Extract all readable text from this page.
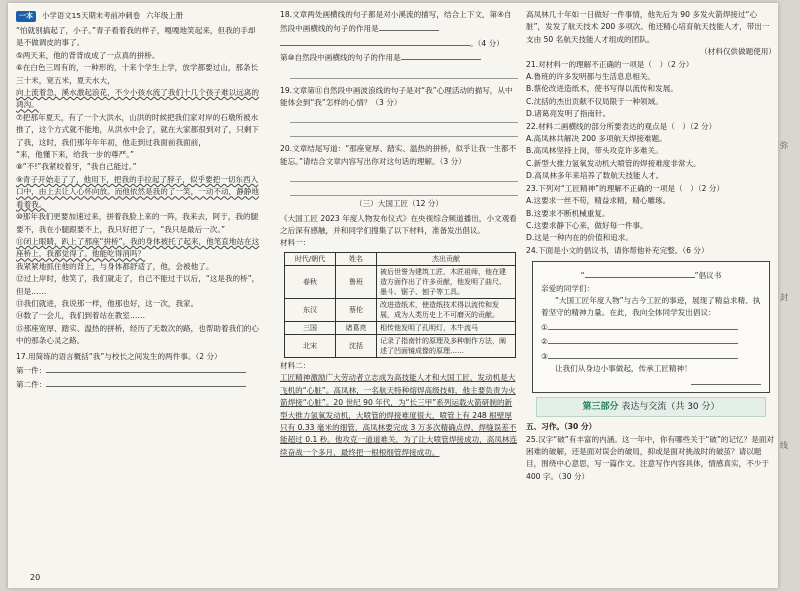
一本	小学语文15天期末考前冲刺卷 六年级上册

“怕就别搞起了，小子。”青子看着我的样子，嘎嘎地笑起来，但我的手却是不做调皮的事了。

⑤两天来，他的背背成成了一点真的拼桥。

⑥在白色三周有的，一种形的，十来个学生上学，放学都要过山，那条长三十米，宽五米，夏天水大，

向上流着急，溪水激起浪花，不少小孩水流了我们十几个孩子难以远离的鸿沟。

⑦把那年夏天，有了一个大洪水，山洪的时候把我们家对岸的石墩所被水推了，这个方式就不能地，从洪水中会了，就在大家都很到对了，只剩下了我，这时，我们那年年年初，他走到过我面前我面前，

“来，他懂下来，给我一步的尊严。”

⑧“不!”我紧咬着牙，“我自己能过。”

⑨青子开始走了了，他用下，把我的手拉起了脖子，似乎要把一切东西入口中，由上去让人心怀向放。而他依然是我的了一笑，一动不动，静静地看着我。

⑩那年我们更要加速过来，拼着我脸上来的一阵，我来去，阿于，我的腿要不，我在小腿跟要不上，我只好把了一，“我只是最后一次。”

⑪闭上眼睛，趴上了那座“拼桥”，我的身体被托了起来，他笔直地站在这座桥上，我都觉得了。他能吃得消吗？

我紧紧地抓住他的背上，与身体都舒适了，他，会被他了。

⑫过上岸时，他笑了，我们就走了，自己不能过于以后，“这是我的桥”，但是……

⑬我们就进，我说那一样，他那也好，这一次，我家。

⑭数了一会儿，我们到着站在教室……

⑮那座宽厚、踏实、温热的拼桥，经历了无数次的路，也帮助着我们的心中的那条心灵之路。

17.用简练的语言概括“我”与校长之间发生的两件事。（2 分）

第一件：

第二件：

20

18.文章两处画横线的句子都是对小溪流的描写，结合上下文，第④自然段中画横线的句子的作用是

。（4 分）

第⑩自然段中画横线的句子的作用是

19.文章第⑪自然段中画波浪线的句子是对“我”心理活动的描写，从中能体会到“我”怎样的心情？（3 分）

20.文章结尾写道：“那座宽厚、踏实、温热的拼桥，似乎让我一生都不能忘。”请结合文章内容写出你对这句话的理解。（3 分）

（三）大国工匠（12 分）

《大国工匠 2023 年度人物发布仪式》在央视综合频道播出，小文观看之后深有感触，并和同学们搜集了以下材料，准备发出倡议。

材料一：

时代/朝代	姓名	杰出贡献
春秋	鲁班	被后世誉为建筑工匠，木匠祖师，他在建造方面作出了许多贡献，他发明了曲尺、墨斗、锯子、刨子等工具。
东汉	蔡伦	改进造纸术，使造纸技术得以流传和发展，成为人类历史上不可磨灭的贡献。
三国	诸葛亮	相传他发明了孔明灯，木牛流马
北宋	沈括	记录了指南针的原理及多种制作方法，阐述了凹面镜成像的原理……

材料二：

工匠精神激励广大劳动者立志成为高技能人才和大国工匠，发动机是大飞机的“心脏”。高凤林，一名航天特种熔焊高级技师，他主要负责为火箭焊接“心脏”。20 世纪 90 年代，为“长三甲”系列运载火箭研制的新型大推力氢氧发动机，大喷管的焊接难度很大，喷管上有 248 根壁厚只有 0.33 毫米的细管，高凤林要完成 3 万多次精确点焊，焊缝误差不能超过 0.1 秒。他攻克一道道难关，为了让大喷管焊接成功，高凤林连续奋战一个多月，最终把一根根细管焊接成功。

高凤林几十年如一日做好一件事情，他先后为 90 多发火箭焊接过“心脏”，发发了航天技术 200 多项次。他还精心培育航天技能人才，带出一支由 50 名航天技能人才组成的团队。

（材料仅供做题使用）

21.对材料一的理解不正确的一项是（　）（2 分）

A.鲁班的许多发明都与生活息息相关。

B.蔡伦改进造纸术，使书写得以流传和发展。

C.沈括的杰出贡献不仅局限于一种领域。

D.诸葛亮发明了指南针。

22.材料二画横线的部分所要表达的观点是（　）（2 分）

A.高凤林共解决 200 多项航天焊接难题。

B.高凤林坚持上岗，带头攻克许多难关。

C.新型大推力氢氧发动机大喷管的焊接难度非常大。

D.高凤林多年来培养了数航天技能人才。

23.下列对“工匠精神”的理解不正确的一项是（　）（2 分）

A.这要求一丝不苟，精益求精，精心雕琢。

B.这要求不断机械重复。

C.这要求静下心来，做好每一件事。

D.这是一种内在的价值和追求。

24.下面是小文的倡议书，请你帮他补充完整。（6 分）

“	”倡议书

亲爱的同学们：

“大国工匠年度人物”与古今工匠的事迹，展现了精益求精、执着坚守的精神力量。在此，我向全体同学发出倡议：

①

②

③

让我们从身边小事做起，传承工匠精神！

第三部分 表达与交流（共 30 分）

五、习作。（30 分）

25.汉字“破”有丰富的内涵。这一年中，你有哪些关于“破”的记忆？是面对困难的破解，还是面对误会的破局，抑或是面对挑战时的破茧？请以题目，围绕中心意思，写一篇作文。注意写作内容具体，情感真实，不少于 400 字。（30 分）

弥
封
线
